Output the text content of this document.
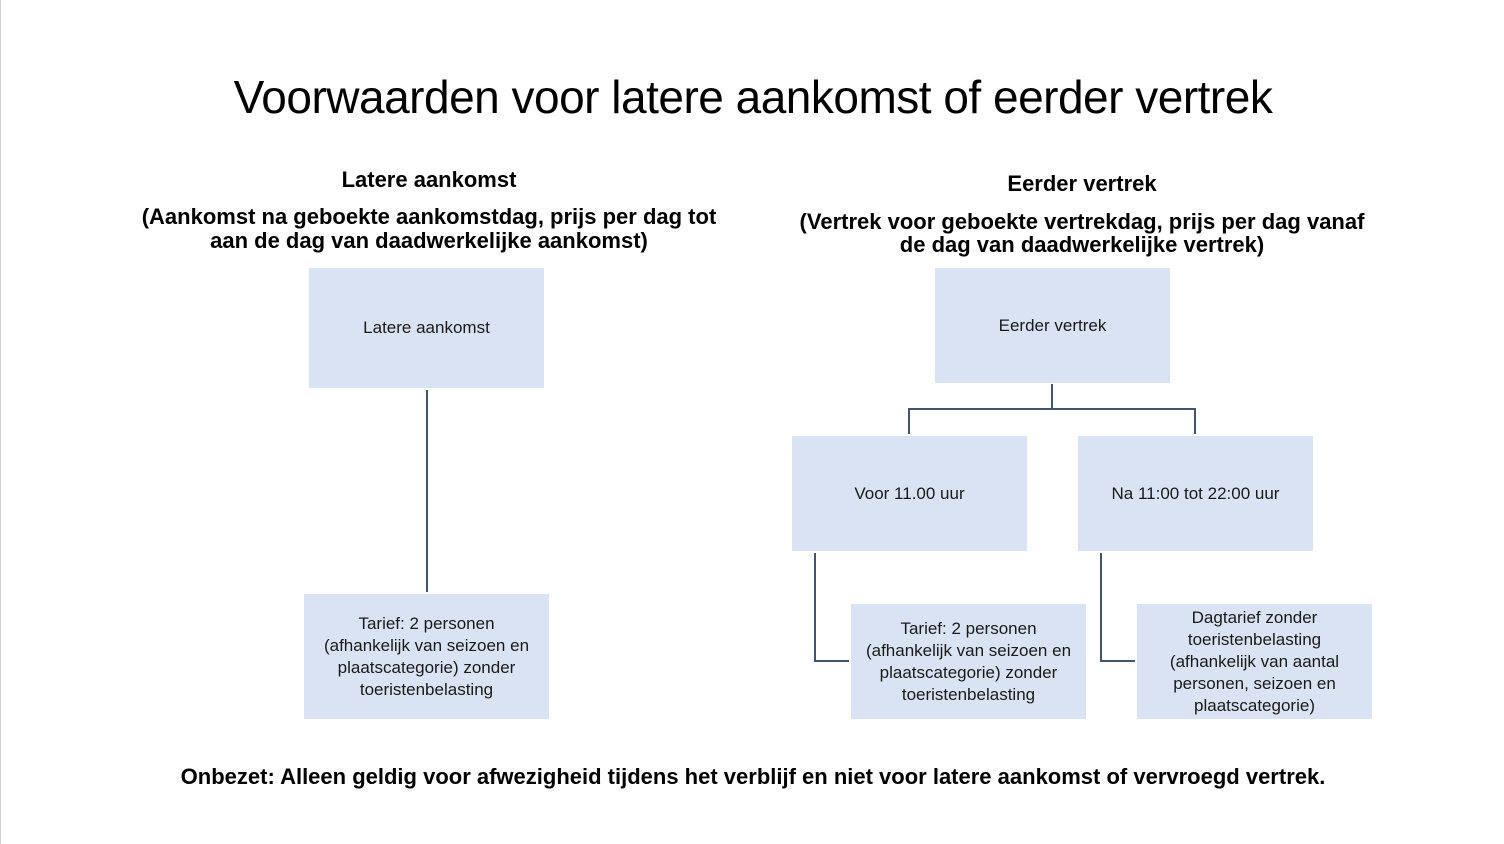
Voorwaarden voor latere aankomst of eerder vertrek
Latere aankomst
(Aankomst na geboekte aankomstdag, prijs per dag tot
aan de dag van daadwerkelijke aankomst)
Eerder vertrek
(Vertrek voor geboekte vertrekdag, prijs per dag vanaf
de dag van daadwerkelijke vertrek)
Latere aankomst
Tarief: 2 personen (afhankelijk van seizoen en plaatscategorie) zonder toeristenbelasting
Eerder vertrek
Voor 11.00 uur	Na 11:00 tot 22:00 uur
Tarief: 2 personen (afhankelijk van seizoen en plaatscategorie) zonder toeristenbelasting
Dagtarief zonder toeristenbelasting (afhankelijk van aantal personen, seizoen en plaatscategorie)
Onbezet: Alleen geldig voor afwezigheid tijdens het verblijf en niet voor latere aankomst of vervroegd vertrek.
